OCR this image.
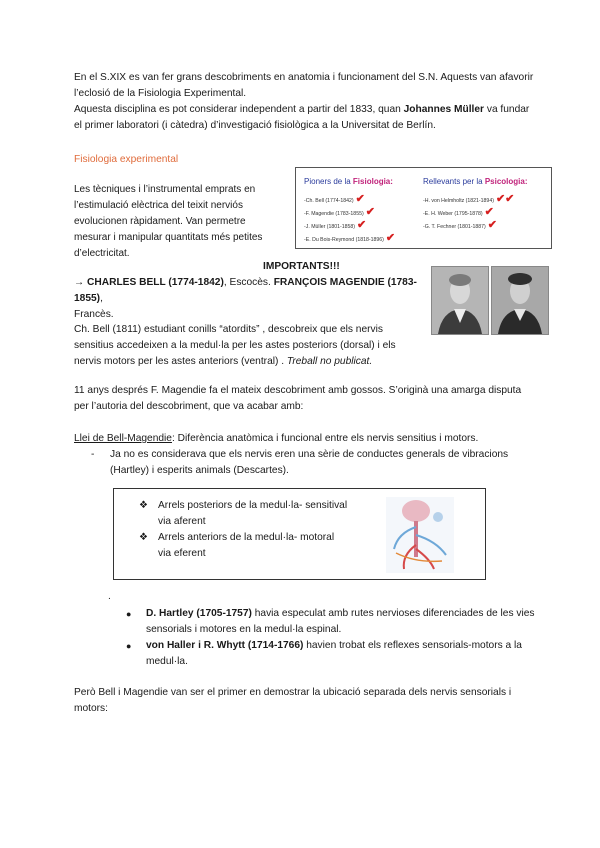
En el S.XIX es van fer grans descobriments en anatomia i funcionament del S.N. Aquests van afavorir

l’eclosió de la Fisiologia Experimental.

Aquesta disciplina es pot considerar independent a partir del 1833, quan Johannes Müller va fundar

el primer laboratori (i càtedra) d’investigació fisiològica a la Universitat de Berlín.

Fisiologia experimental

Les tècniques i l’instrumental emprats en

l’estimulació elèctrica del teixit nerviós

evolucionen ràpidament. Van permetre

mesurar i manipular quantitats més petites

d’electricitat.

Pioners de la Fisiologia:	Rellevants per la Psicologia:
-Ch. Bell (1774-1842) ✔
-F. Magendie (1783-1855) ✔
-J. Müller (1801-1858) ✔
-E. Du Bois-Reymond (1818-1896) ✔
-H. von Helmholtz (1821-1894) ✔✔
-E. H. Weber (1795-1878) ✔
-G. T. Fechner (1801-1887) ✔
IMPORTANTS!!!

→ CHARLES BELL (1774-1842), Escocès. FRANÇOIS MAGENDIE (1783-1855),

Francès.

Ch. Bell (1811) estudiant conills “atordits” , descobreix que els nervis

sensitius accedeixen a la medul·la per les astes posteriors (dorsal) i els

nervis motors per les astes anteriors (ventral) . Treball no publicat.

11 anys després F. Magendie fa el mateix descobriment amb gossos. S’originà una amarga disputa

per l’autoria del descobriment, que va acabar amb:

Llei de Bell-Magendie: Diferència anatòmica i funcional entre els nervis sensitius i motors.
- Ja no es considerava que els nervis eren una sèrie de conductes generals de vibracions

(Hartley) i esperits animals (Descartes).

❖ Arrels posteriors de la medul·la- sensitival

via aferent

❖ Arrels anteriors de la medul·la- motoral

via eferent

.
● D. Hartley (1705-1757) havia especulat amb rutes nervioses diferenciades de les vies

sensorials i motores en la medul·la espinal.

● von Haller i R. Whytt (1714-1766) havien trobat els reflexes sensorials-motors a la

medul·la.

Però Bell i Magendie van ser el primer en demostrar la ubicació separada dels nervis sensorials i

motors:
